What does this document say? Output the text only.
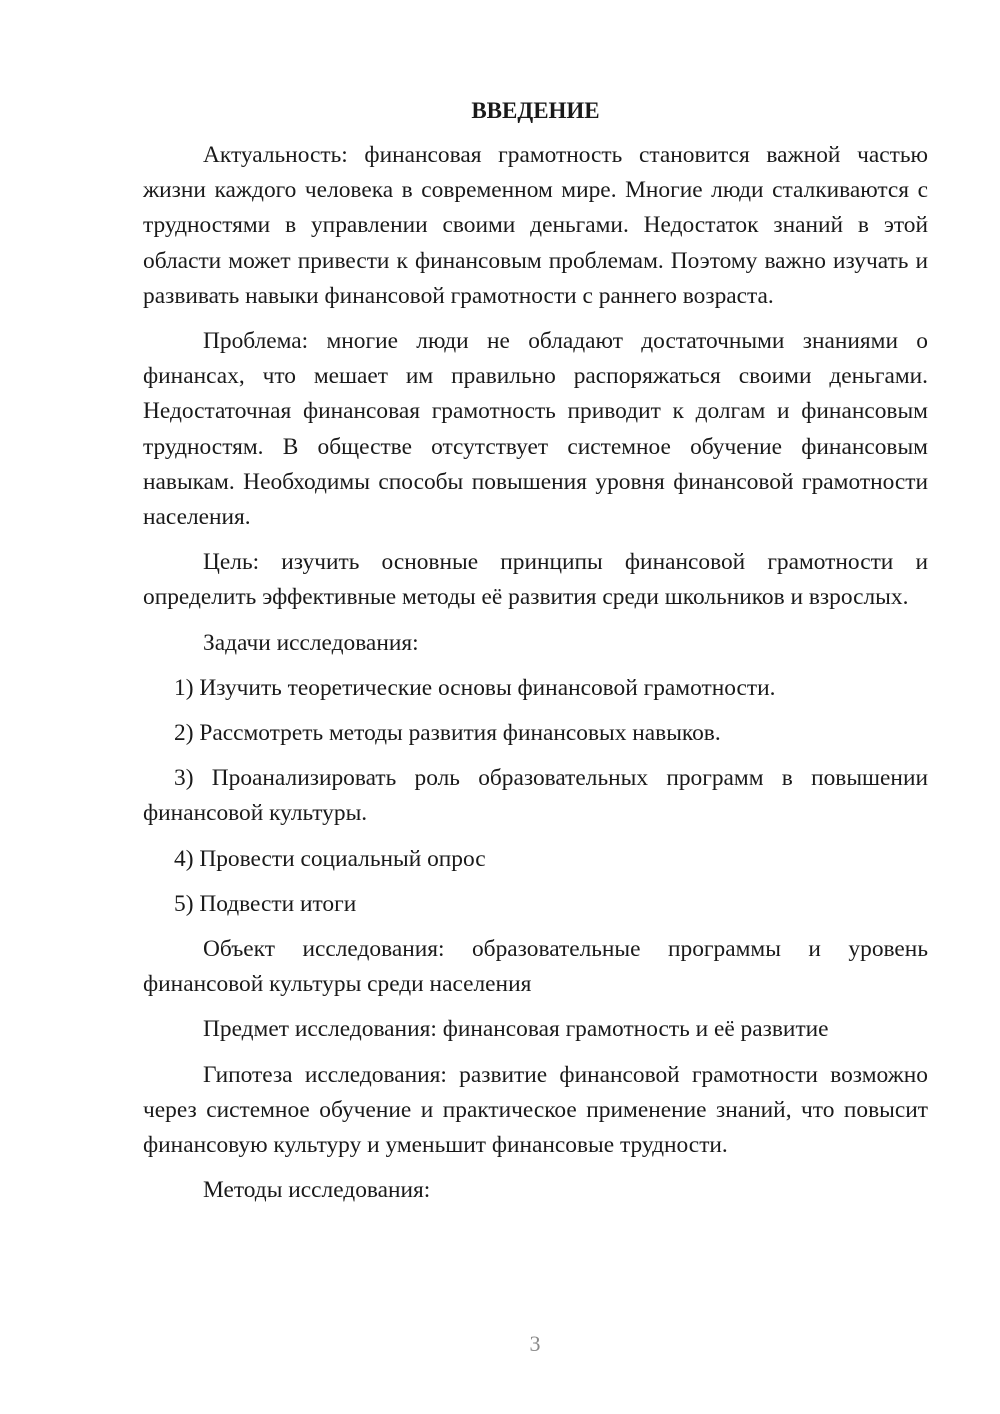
ВВЕДЕНИЕ

Актуальность: финансовая грамотность становится важной частью жизни каждого человека в современном мире. Многие люди сталкиваются с трудностями в управлении своими деньгами. Недостаток знаний в этой области может привести к финансовым проблемам. Поэтому важно изучать и развивать навыки финансовой грамотности с раннего возраста.

Проблема: многие люди не обладают достаточными знаниями о финансах, что мешает им правильно распоряжаться своими деньгами. Недостаточная финансовая грамотность приводит к долгам и финансовым трудностям. В обществе отсутствует системное обучение финансовым навыкам. Необходимы способы повышения уровня финансовой грамотности населения.

Цель: изучить основные принципы финансовой грамотности и определить эффективные методы её развития среди школьников и взрослых.

Задачи исследования:

1) Изучить теоретические основы финансовой грамотности.

2) Рассмотреть методы развития финансовых навыков.

3) Проанализировать роль образовательных программ в повышении финансовой культуры.

4) Провести социальный опрос

5) Подвести итоги

Объект исследования: образовательные программы и уровень финансовой культуры среди населения

Предмет исследования: финансовая грамотность и её развитие

Гипотеза исследования: развитие финансовой грамотности возможно через системное обучение и практическое применение знаний, что повысит финансовую культуру и уменьшит финансовые трудности.

Методы исследования:

3
